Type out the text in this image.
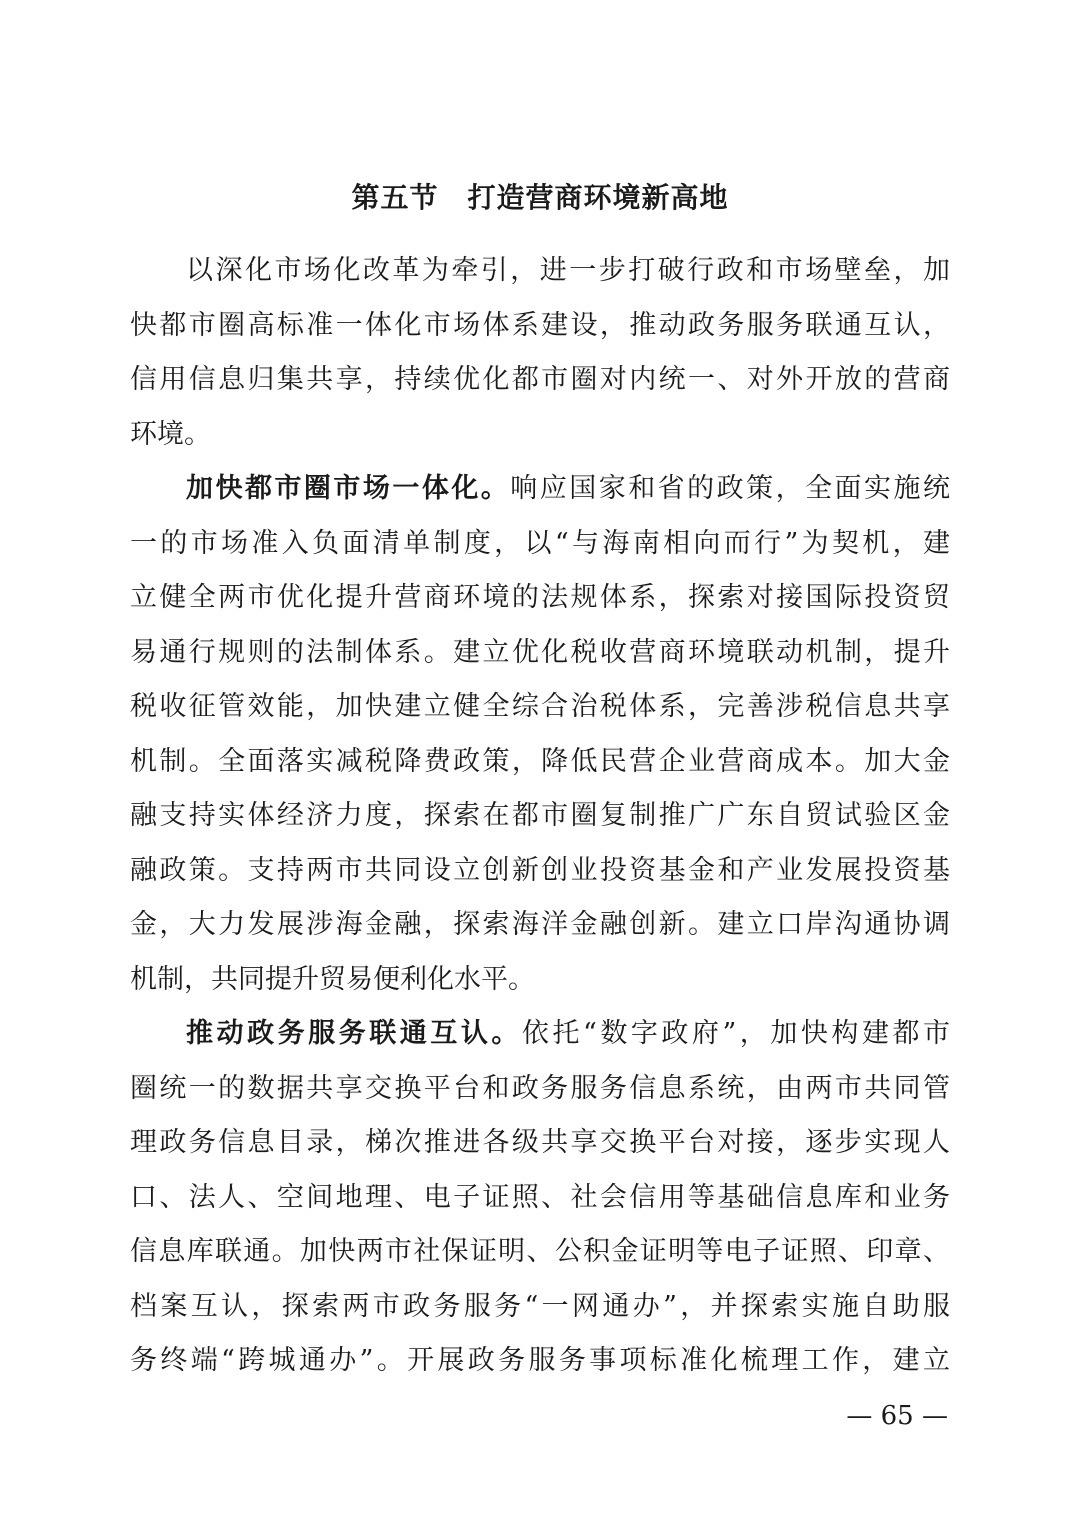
第五节　打造营商环境新高地
以深化市场化改革为牵引，进一步打破行政和市场壁垒，加
快都市圈高标准一体化市场体系建设，推动政务服务联通互认，
信用信息归集共享，持续优化都市圈对内统一、对外开放的营商
环境。
加快都市圈市场一体化。响应国家和省的政策，全面实施统
一的市场准入负面清单制度，以“与海南相向而行”为契机，建
立健全两市优化提升营商环境的法规体系，探索对接国际投资贸
易通行规则的法制体系。建立优化税收营商环境联动机制，提升
税收征管效能，加快建立健全综合治税体系，完善涉税信息共享
机制。全面落实减税降费政策，降低民营企业营商成本。加大金
融支持实体经济力度，探索在都市圈复制推广广东自贸试验区金
融政策。支持两市共同设立创新创业投资基金和产业发展投资基
金，大力发展涉海金融，探索海洋金融创新。建立口岸沟通协调
机制，共同提升贸易便利化水平。
推动政务服务联通互认。依托“数字政府”，加快构建都市
圈统一的数据共享交换平台和政务服务信息系统，由两市共同管
理政务信息目录，梯次推进各级共享交换平台对接，逐步实现人
口、法人、空间地理、电子证照、社会信用等基础信息库和业务
信息库联通。加快两市社保证明、公积金证明等电子证照、印章、
档案互认，探索两市政务服务“一网通办”，并探索实施自助服
务终端“跨城通办”。开展政务服务事项标准化梳理工作，建立
— 65 —
